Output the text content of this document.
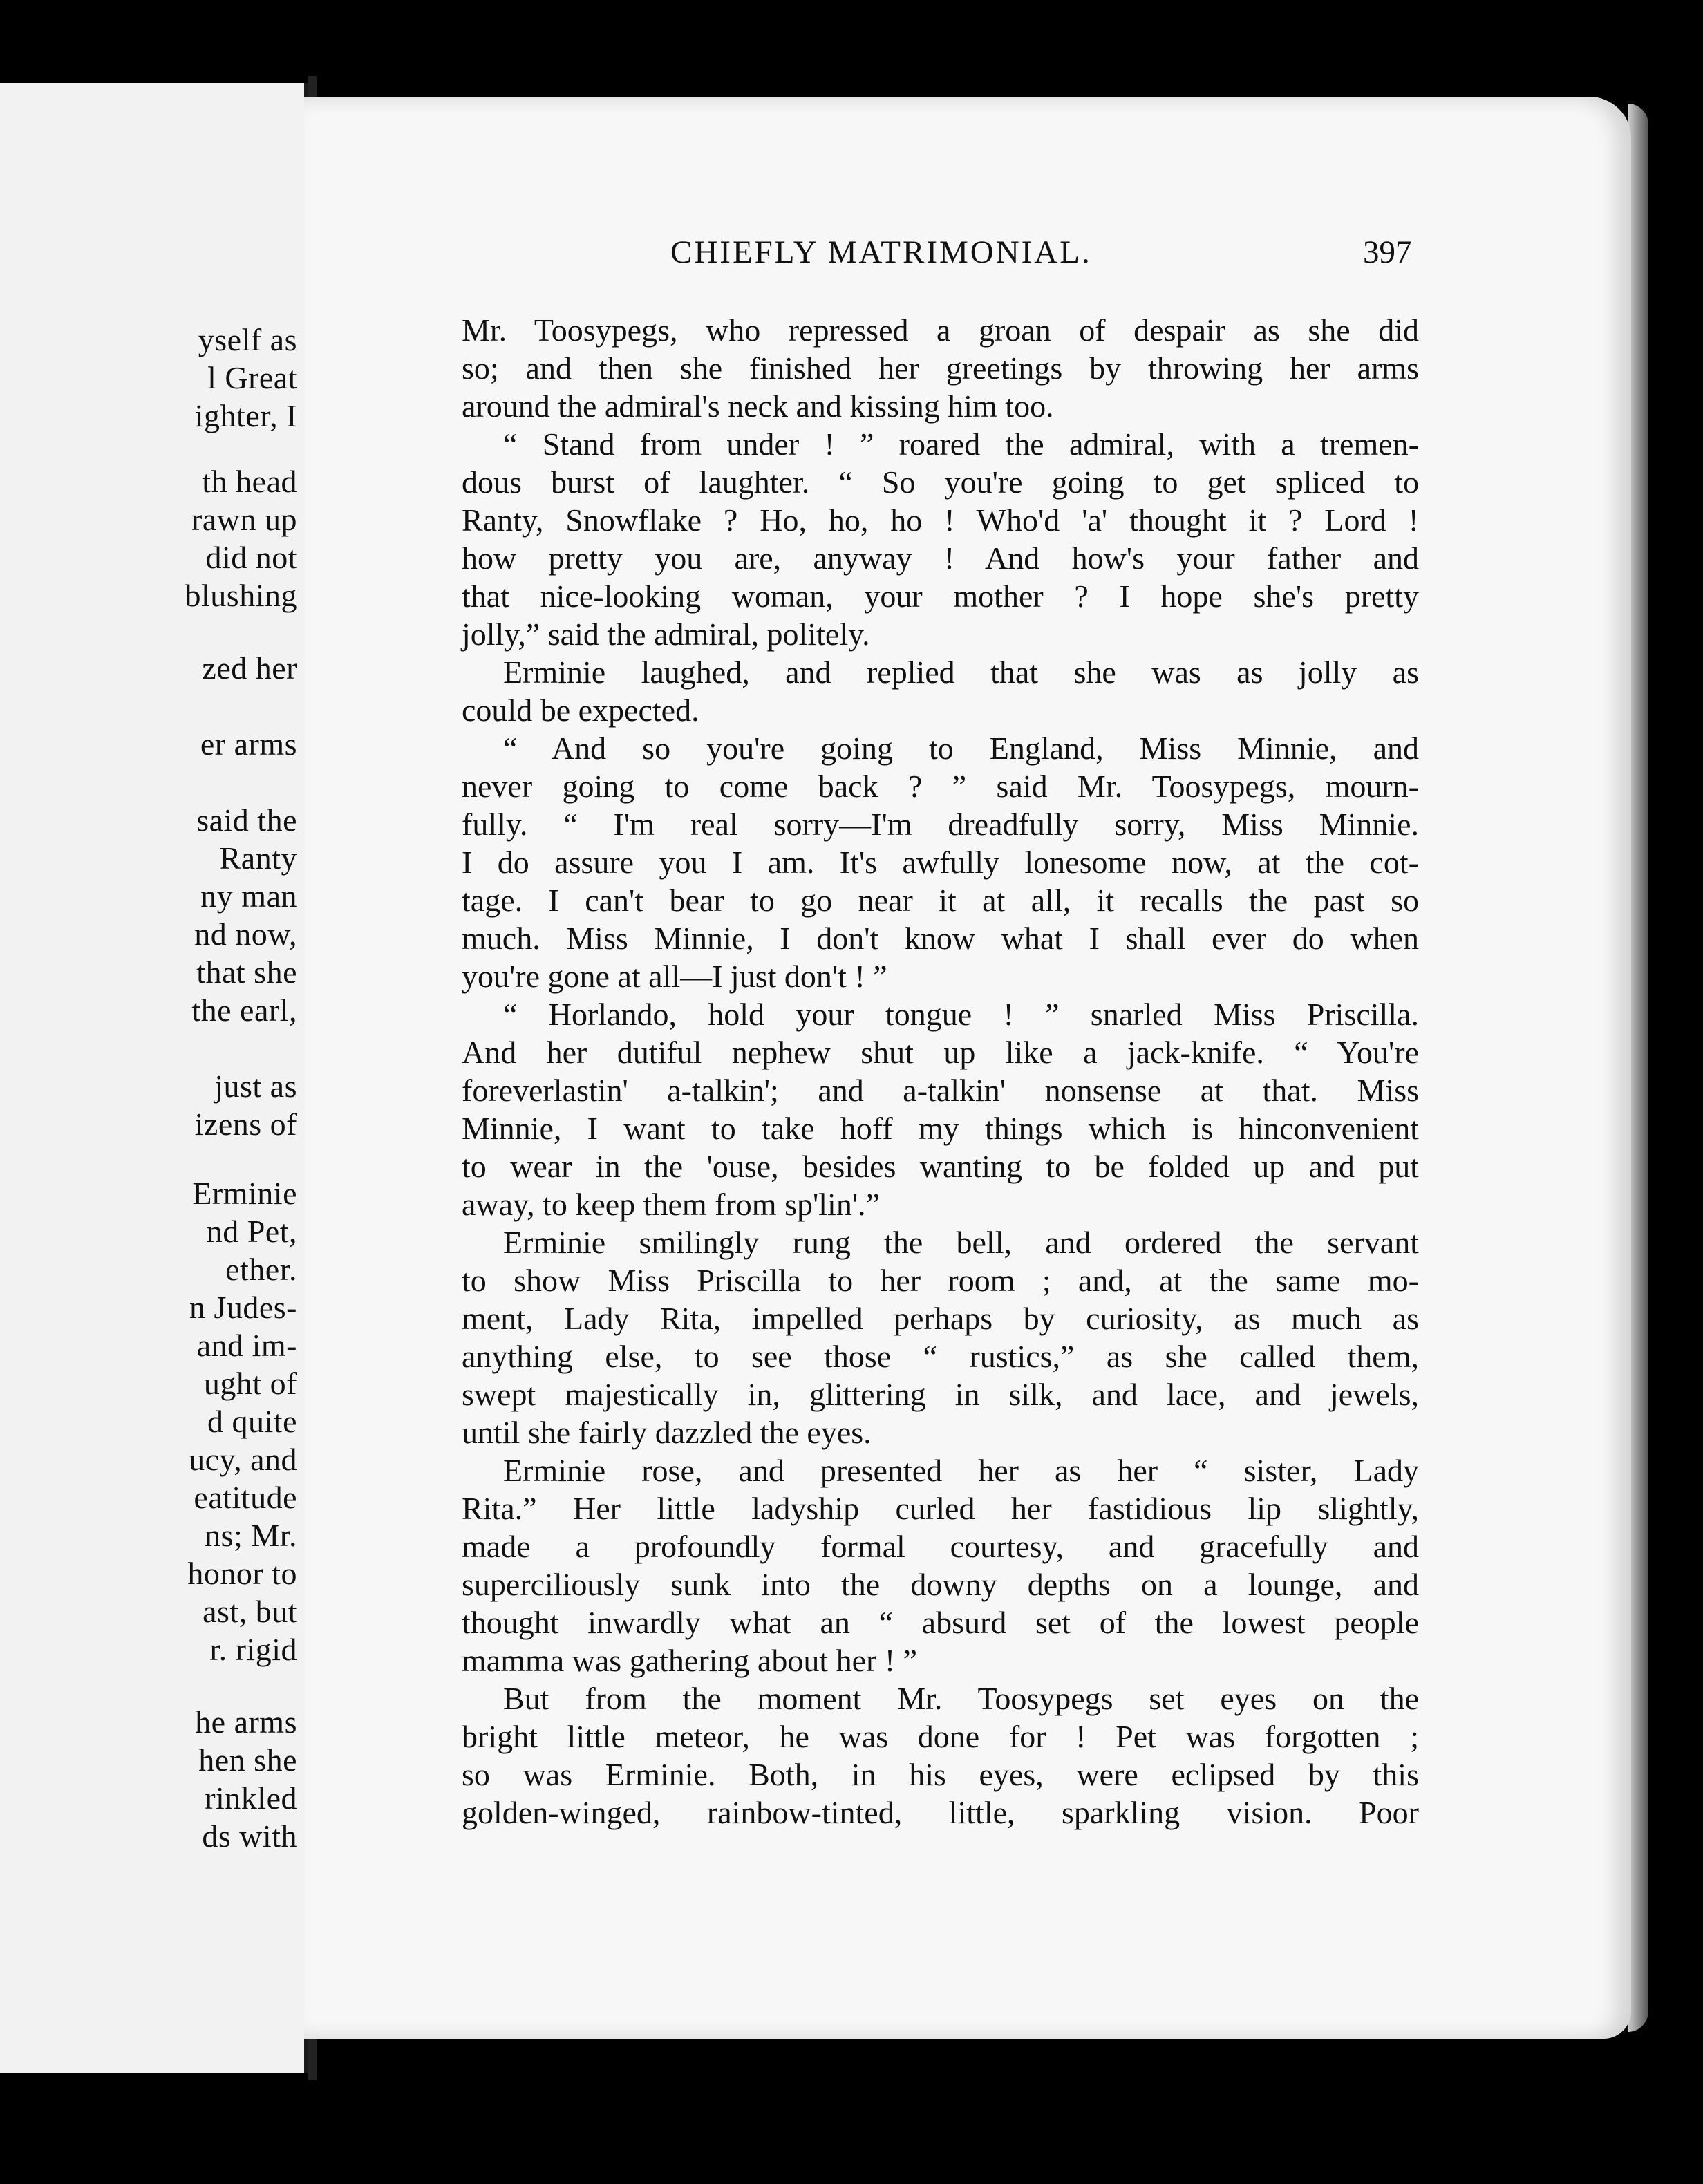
yself as
l Great
ighter, I
th head
rawn up
did not
blushing
zed her
er arms
said the
Ranty
ny man
nd now,
that she
the earl,
just as
izens of
Erminie
nd Pet,
ether.
n Judes-
and im-
ught of
d quite
ucy, and
eatitude
ns; Mr.
honor to
ast, but
r. rigid
he arms
hen she
rinkled
ds with
CHIEFLY MATRIMONIAL.	397
Mr. Toosypegs, who repressed a groan of despair as she did
so; and then she finished her greetings by throwing her arms
around the admiral's neck and kissing him too.
“ Stand from under ! ” roared the admiral, with a tremen-
dous burst of laughter. “ So you're going to get spliced to
Ranty, Snowflake ? Ho, ho, ho ! Who'd 'a' thought it ? Lord !
how pretty you are, anyway ! And how's your father and
that nice-looking woman, your mother ? I hope she's pretty
jolly,” said the admiral, politely.
Erminie laughed, and replied that she was as jolly as
could be expected.
“ And so you're going to England, Miss Minnie, and
never going to come back ? ” said Mr. Toosypegs, mourn-
fully. “ I'm real sorry—I'm dreadfully sorry, Miss Minnie.
I do assure you I am. It's awfully lonesome now, at the cot-
tage. I can't bear to go near it at all, it recalls the past so
much. Miss Minnie, I don't know what I shall ever do when
you're gone at all—I just don't ! ”
“ Horlando, hold your tongue ! ” snarled Miss Priscilla.
And her dutiful nephew shut up like a jack-knife. “ You're
foreverlastin' a-talkin'; and a-talkin' nonsense at that. Miss
Minnie, I want to take hoff my things which is hinconvenient
to wear in the 'ouse, besides wanting to be folded up and put
away, to keep them from sp'lin'.”
Erminie smilingly rung the bell, and ordered the servant
to show Miss Priscilla to her room ; and, at the same mo-
ment, Lady Rita, impelled perhaps by curiosity, as much as
anything else, to see those “ rustics,” as she called them,
swept majestically in, glittering in silk, and lace, and jewels,
until she fairly dazzled the eyes.
Erminie rose, and presented her as her “ sister, Lady
Rita.” Her little ladyship curled her fastidious lip slightly,
made a profoundly formal courtesy, and gracefully and
superciliously sunk into the downy depths on a lounge, and
thought inwardly what an “ absurd set of the lowest people
mamma was gathering about her ! ”
But from the moment Mr. Toosypegs set eyes on the
bright little meteor, he was done for ! Pet was forgotten ;
so was Erminie. Both, in his eyes, were eclipsed by this
golden-winged, rainbow-tinted, little, sparkling vision. Poor
